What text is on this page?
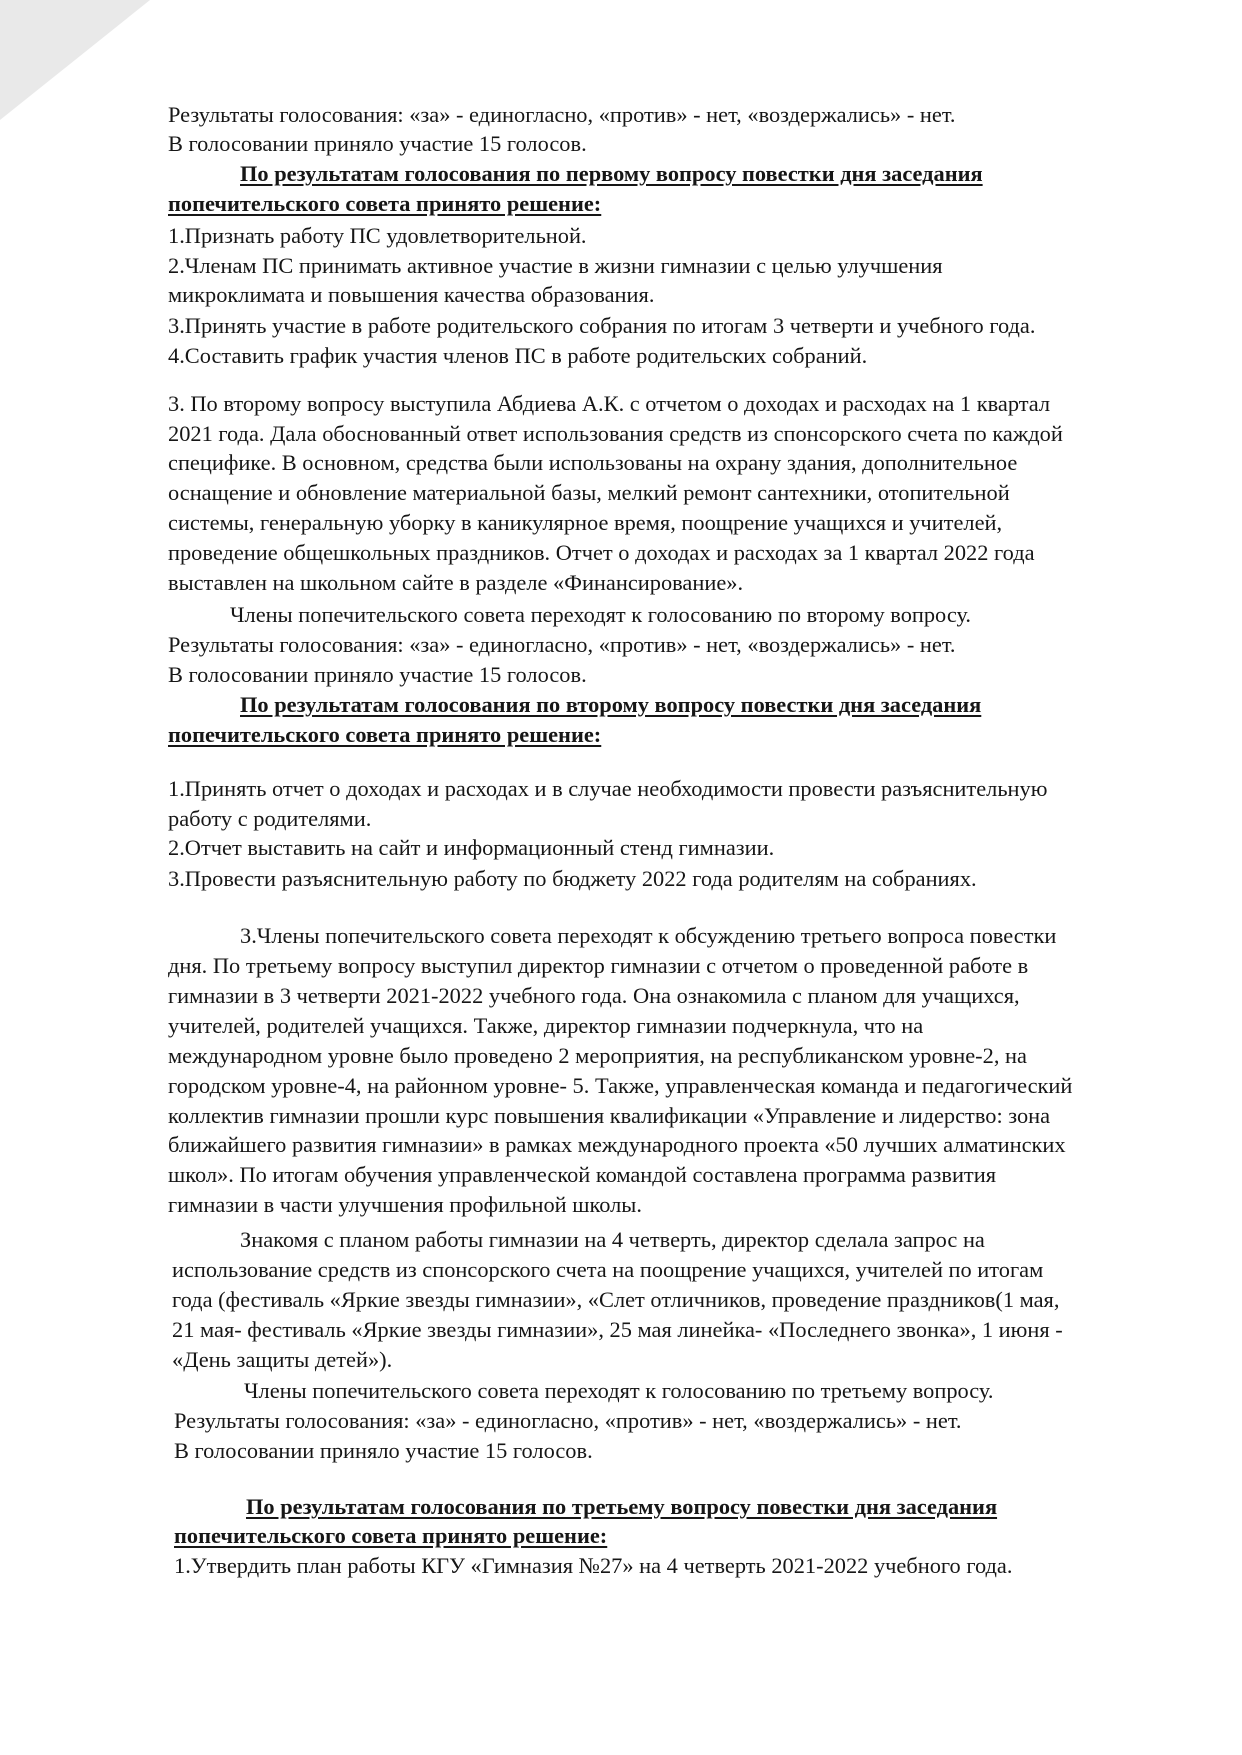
Результаты голосования: «за» - единогласно, «против» - нет, «воздержались» - нет.
В голосовании приняло участие 15 голосов.
По результатам голосования по первому вопросу повестки дня заседания
попечительского совета принято решение:
1.Признать работу ПС удовлетворительной.
2.Членам ПС принимать активное участие в жизни гимназии с целью улучшения
микроклимата и повышения качества образования.
3.Принять участие в работе родительского собрания по итогам 3 четверти и учебного года.
4.Составить график участия членов ПС в работе родительских собраний.
3. По второму вопросу выступила Абдиева А.К. с отчетом о доходах и расходах на 1 квартал
2021 года. Дала обоснованный ответ использования средств из спонсорского счета по каждой
специфике. В основном, средства были использованы на охрану здания, дополнительное
оснащение и обновление материальной базы, мелкий ремонт сантехники, отопительной
системы, генеральную уборку в каникулярное время, поощрение учащихся и учителей,
проведение общешкольных праздников. Отчет о доходах и расходах за 1 квартал 2022 года
выставлен на школьном сайте в разделе «Финансирование».
Члены попечительского совета переходят к голосованию по второму вопросу.
Результаты голосования: «за» - единогласно, «против» - нет, «воздержались» - нет.
В голосовании приняло участие 15 голосов.
По результатам голосования по второму вопросу повестки дня заседания
попечительского совета принято решение:
1.Принять отчет о доходах и расходах и в случае необходимости провести разъяснительную
работу с родителями.
2.Отчет выставить на сайт и информационный стенд гимназии.
3.Провести разъяснительную работу по бюджету 2022 года родителям на собраниях.
3.Члены попечительского совета переходят к обсуждению третьего вопроса повестки
дня. По третьему вопросу выступил директор гимназии с отчетом о проведенной работе в
гимназии в 3 четверти 2021-2022 учебного года. Она ознакомила с планом для учащихся,
учителей, родителей учащихся. Также, директор гимназии подчеркнула, что на
международном уровне было проведено 2 мероприятия, на республиканском уровне-2, на
городском уровне-4, на районном уровне- 5. Также, управленческая команда и педагогический
коллектив гимназии прошли курс повышения квалификации «Управление и лидерство: зона
ближайшего развития гимназии» в рамках международного проекта «50 лучших алматинских
школ». По итогам обучения управленческой командой составлена программа развития
гимназии в части улучшения профильной школы.
Знакомя с планом работы гимназии на 4 четверть, директор сделала запрос на
использование средств из спонсорского счета на поощрение учащихся, учителей по итогам
года (фестиваль «Яркие звезды гимназии», «Слет отличников, проведение праздников(1 мая,
21 мая- фестиваль «Яркие звезды гимназии», 25 мая линейка- «Последнего звонка», 1 июня -
«День защиты детей»).
Члены попечительского совета переходят к голосованию по третьему вопросу.
Результаты голосования: «за» - единогласно, «против» - нет, «воздержались» - нет.
В голосовании приняло участие 15 голосов.
По результатам голосования по третьему вопросу повестки дня заседания
попечительского совета принято решение:
1.Утвердить план работы КГУ «Гимназия №27» на 4 четверть 2021-2022 учебного года.
